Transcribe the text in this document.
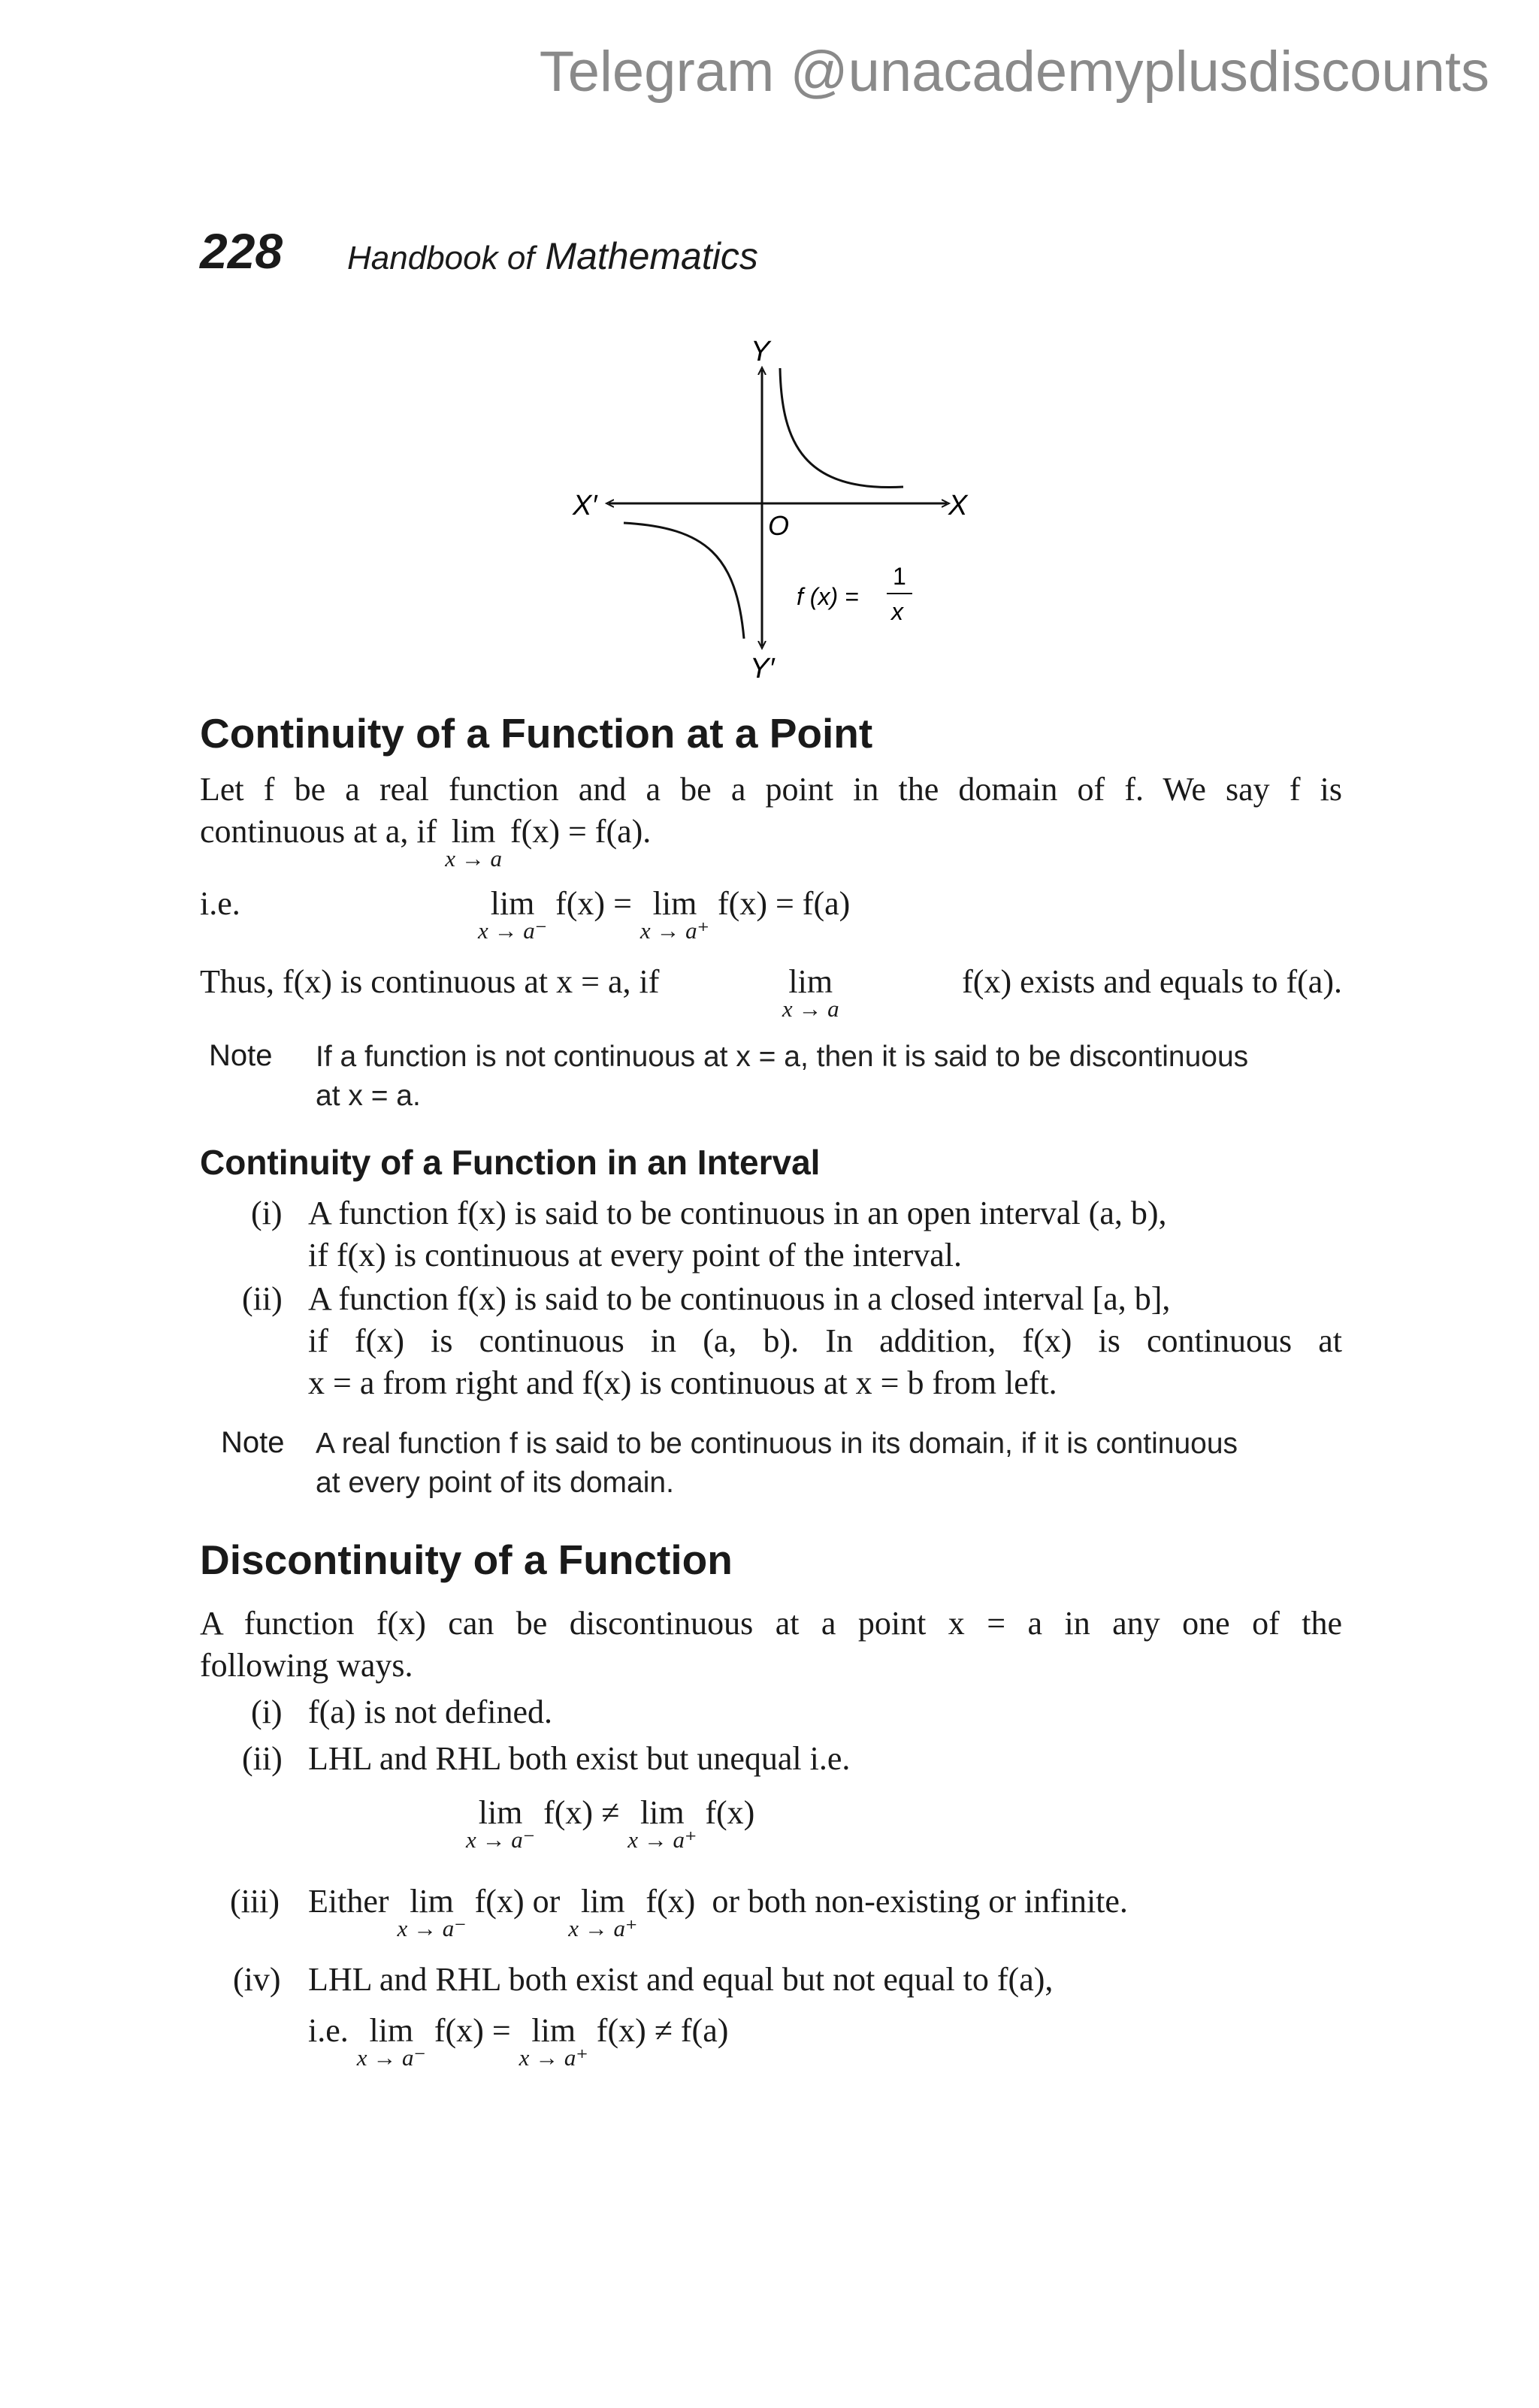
Telegram @unacademyplusdiscounts
228 Handbook of Mathematics
Y
Y′
X
X′
O
f (x) =
1
x
Continuity of a Function at a Point
Let f be a real function and a be a point in the domain of f. We say f is
continuous at a, if lim
x → a
f(x) = f(a).
i.e.	lim
x → a⁻
f(x) = lim
x → a⁺
f(x) = f(a)
Thus, f(x) is continuous at x = a, if	lim
x → a
f(x) exists and equals to f(a).
Note If a function is not continuous at x = a, then it is said to be discontinuous
at x = a.
Continuity of a Function in an Interval
(i) A function f(x) is said to be continuous in an open interval (a, b),
if f(x) is continuous at every point of the interval.
(ii) A function f(x) is said to be continuous in a closed interval [a, b],
if f(x) is continuous in (a, b). In addition, f(x) is continuous at
x = a from right and f(x) is continuous at x = b from left.
Note A real function f is said to be continuous in its domain, if it is continuous
at every point of its domain.
Discontinuity of a Function
A function f(x) can be discontinuous at a point x = a in any one of the
following ways.
(i) f(a) is not defined.
(ii) LHL and RHL both exist but unequal i.e.
lim
x → a⁻
f(x) ≠ lim
x → a⁺
f(x)
(iii) Either lim
x → a⁻
f(x) or lim
x → a⁺
f(x) or both non-existing or infinite.
(iv) LHL and RHL both exist and equal but not equal to f(a),
i.e. lim
x → a⁻
f(x) = lim
x → a⁺
f(x) ≠ f(a)
